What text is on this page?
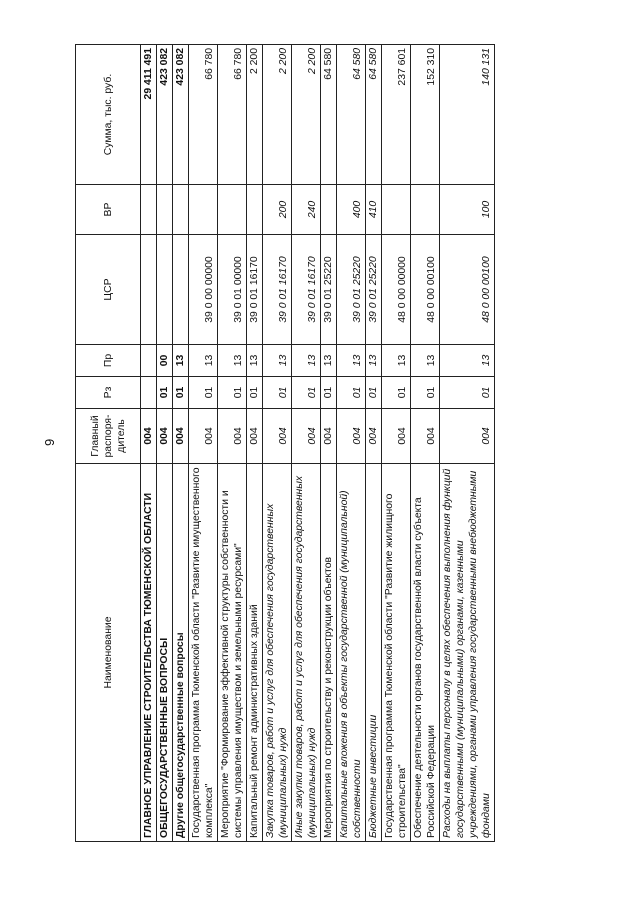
9
Наименование	Главный распоря-дитель	Рз	Пр	ЦСР	ВР	Сумма, тыс. руб.
ГЛАВНОЕ УПРАВЛЕНИЕ СТРОИТЕЛЬСТВА ТЮМЕНСКОЙ ОБЛАСТИ	004					29 411 491
ОБЩЕГОСУДАРСТВЕННЫЕ ВОПРОСЫ	004	01	00			423 082
Другие общегосударственные вопросы	004	01	13			423 082
Государственная программа Тюменской области "Развитие имущественного комплекса"	004	01	13	39 0 00 00000		66 780
Мероприятие "Формирование эффективной структуры собственности и системы управления имуществом и земельными ресурсами"	004	01	13	39 0 01 00000		66 780
Капитальный ремонт административных зданий	004	01	13	39 0 01 16170		2 200
Закупка товаров, работ и услуг для обеспечения государственных (муниципальных) нужд	004	01	13	39 0 01 16170	200	2 200
Иные закупки товаров, работ и услуг для обеспечения государственных (муниципальных) нужд	004	01	13	39 0 01 16170	240	2 200
Мероприятия по строительству и реконструкции объектов	004	01	13	39 0 01 25220		64 580
Капитальные вложения в объекты государственной (муниципальной) собственности	004	01	13	39 0 01 25220	400	64 580
Бюджетные инвестиции	004	01	13	39 0 01 25220	410	64 580
Государственная программа Тюменской области "Развитие жилищного строительства"	004	01	13	48 0 00 00000		237 601
Обеспечение деятельности органов государственной власти субъекта Российской Федерации	004	01	13	48 0 00 00100		152 310
Расходы на выплаты персоналу в целях обеспечения выполнения функций государственными (муниципальными) органами, казенными учреждениями, органами управления государственными внебюджетными фондами	004	01	13	48 0 00 00100	100	140 131
